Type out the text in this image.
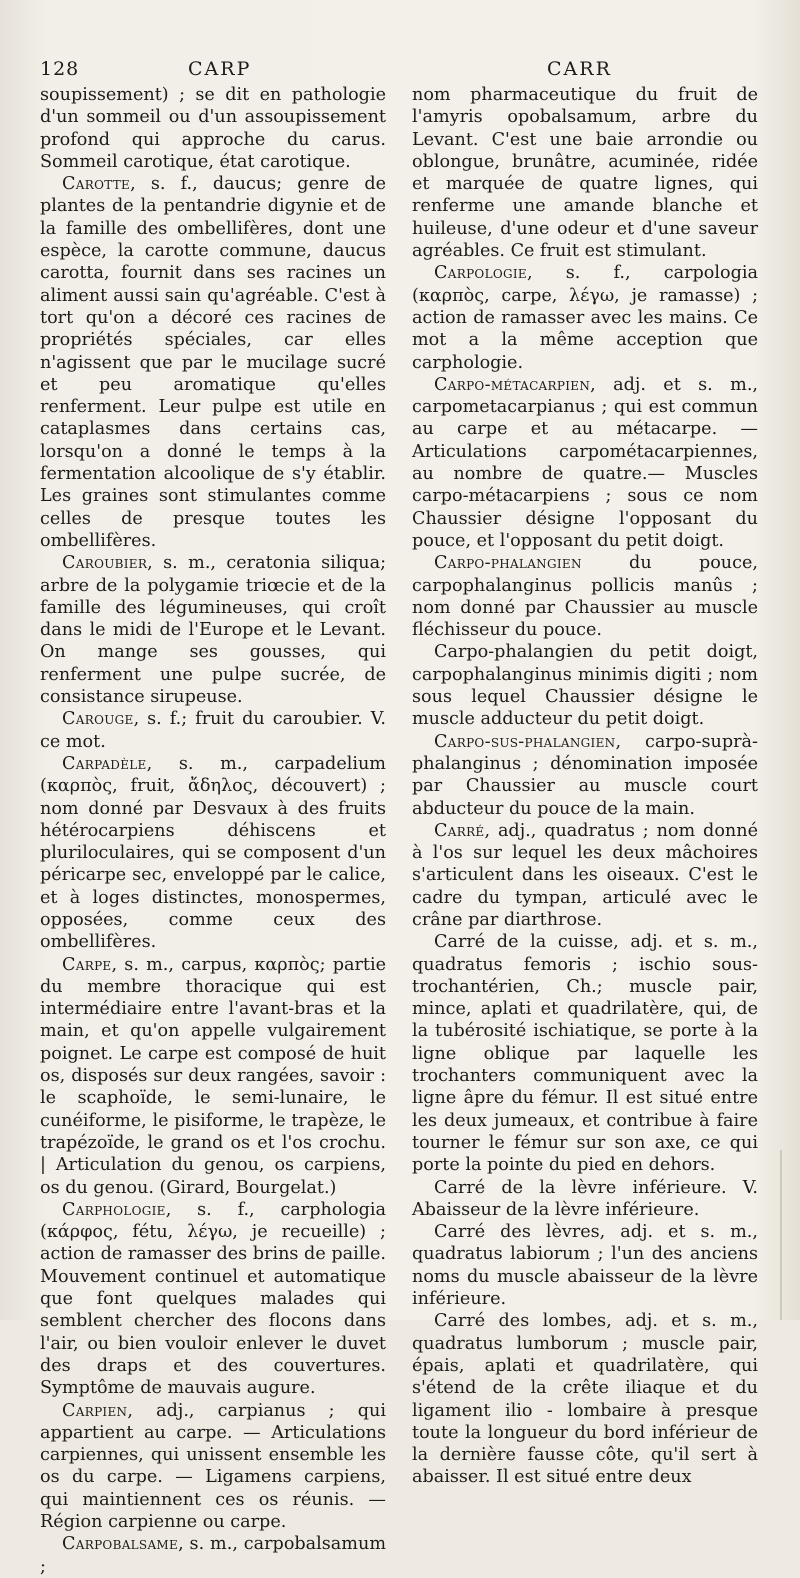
128	CARP	CARR

soupissement) ; se dit en pathologie d'un sommeil ou d'un assoupissement profond qui approche du carus. Sommeil carotique, état carotique.

Carotte, s. f., daucus; genre de plantes de la pentandrie digynie et de la famille des ombellifères, dont une espèce, la carotte commune, daucus carotta, fournit dans ses racines un aliment aussi sain qu'agréable. C'est à tort qu'on a décoré ces racines de propriétés spéciales, car elles n'agissent que par le mucilage sucré et peu aromatique qu'elles renferment. Leur pulpe est utile en cataplasmes dans certains cas, lorsqu'on a donné le temps à la fermentation alcoolique de s'y établir. Les graines sont stimulantes comme celles de presque toutes les ombellifères.

Caroubier, s. m., ceratonia siliqua; arbre de la polygamie triœcie et de la famille des légumineuses, qui croît dans le midi de l'Europe et le Levant. On mange ses gousses, qui renferment une pulpe sucrée, de consistance sirupeuse.

Carouge, s. f.; fruit du caroubier. V. ce mot.

Carpadèle, s. m., carpadelium (καρπὸς, fruit, ἄδηλος, découvert) ; nom donné par Desvaux à des fruits hétérocarpiens déhiscens et pluriloculaires, qui se composent d'un péricarpe sec, enveloppé par le calice, et à loges distinctes, monospermes, opposées, comme ceux des ombellifères.

Carpe, s. m., carpus, καρπὸς; partie du membre thoracique qui est intermédiaire entre l'avant-bras et la main, et qu'on appelle vulgairement poignet. Le carpe est composé de huit os, disposés sur deux rangées, savoir : le scaphoïde, le semi-lunaire, le cunéiforme, le pisiforme, le trapèze, le trapézoïde, le grand os et l'os crochu. | Articulation du genou, os carpiens, os du genou. (Girard, Bourgelat.)

Carphologie, s. f., carphologia (κάρφος, fétu, λέγω, je recueille) ; action de ramasser des brins de paille. Mouvement continuel et automatique que font quelques malades qui semblent chercher des flocons dans l'air, ou bien vouloir enlever le duvet des draps et des couvertures. Symptôme de mauvais augure.

Carpien, adj., carpianus ; qui appartient au carpe. — Articulations carpiennes, qui unissent ensemble les os du carpe. — Ligamens carpiens, qui maintiennent ces os réunis. — Région carpienne ou carpe.

Carpobalsame, s. m., carpobalsamum ;

nom pharmaceutique du fruit de l'amyris opobalsamum, arbre du Levant. C'est une baie arrondie ou oblongue, brunâtre, acuminée, ridée et marquée de quatre lignes, qui renferme une amande blanche et huileuse, d'une odeur et d'une saveur agréables. Ce fruit est stimulant.

Carpologie, s. f., carpologia (καρπὸς, carpe, λέγω, je ramasse) ; action de ramasser avec les mains. Ce mot a la même acception que carphologie.

Carpo-métacarpien, adj. et s. m., carpometacarpianus ; qui est commun au carpe et au métacarpe. — Articulations carpométacarpiennes, au nombre de quatre.— Muscles carpo-métacarpiens ; sous ce nom Chaussier désigne l'opposant du pouce, et l'opposant du petit doigt.

Carpo-phalangien du pouce, carpophalanginus pollicis manûs ; nom donné par Chaussier au muscle fléchisseur du pouce.

Carpo-phalangien du petit doigt, carpophalanginus minimis digiti ; nom sous lequel Chaussier désigne le muscle adducteur du petit doigt.

Carpo-sus-phalangien, carpo-suprà-phalanginus ; dénomination imposée par Chaussier au muscle court abducteur du pouce de la main.

Carré, adj., quadratus ; nom donné à l'os sur lequel les deux mâchoires s'articulent dans les oiseaux. C'est le cadre du tympan, articulé avec le crâne par diarthrose.

Carré de la cuisse, adj. et s. m., quadratus femoris ; ischio sous-trochantérien, Ch.; muscle pair, mince, aplati et quadrilatère, qui, de la tubérosité ischiatique, se porte à la ligne oblique par laquelle les trochanters communiquent avec la ligne âpre du fémur. Il est situé entre les deux jumeaux, et contribue à faire tourner le fémur sur son axe, ce qui porte la pointe du pied en dehors.

Carré de la lèvre inférieure. V. Abaisseur de la lèvre inférieure.

Carré des lèvres, adj. et s. m., quadratus labiorum ; l'un des anciens noms du muscle abaisseur de la lèvre inférieure.

Carré des lombes, adj. et s. m., quadratus lumborum ; muscle pair, épais, aplati et quadrilatère, qui s'étend de la crête iliaque et du ligament ilio - lombaire à presque toute la longueur du bord inférieur de la dernière fausse côte, qu'il sert à abaisser. Il est situé entre deux
